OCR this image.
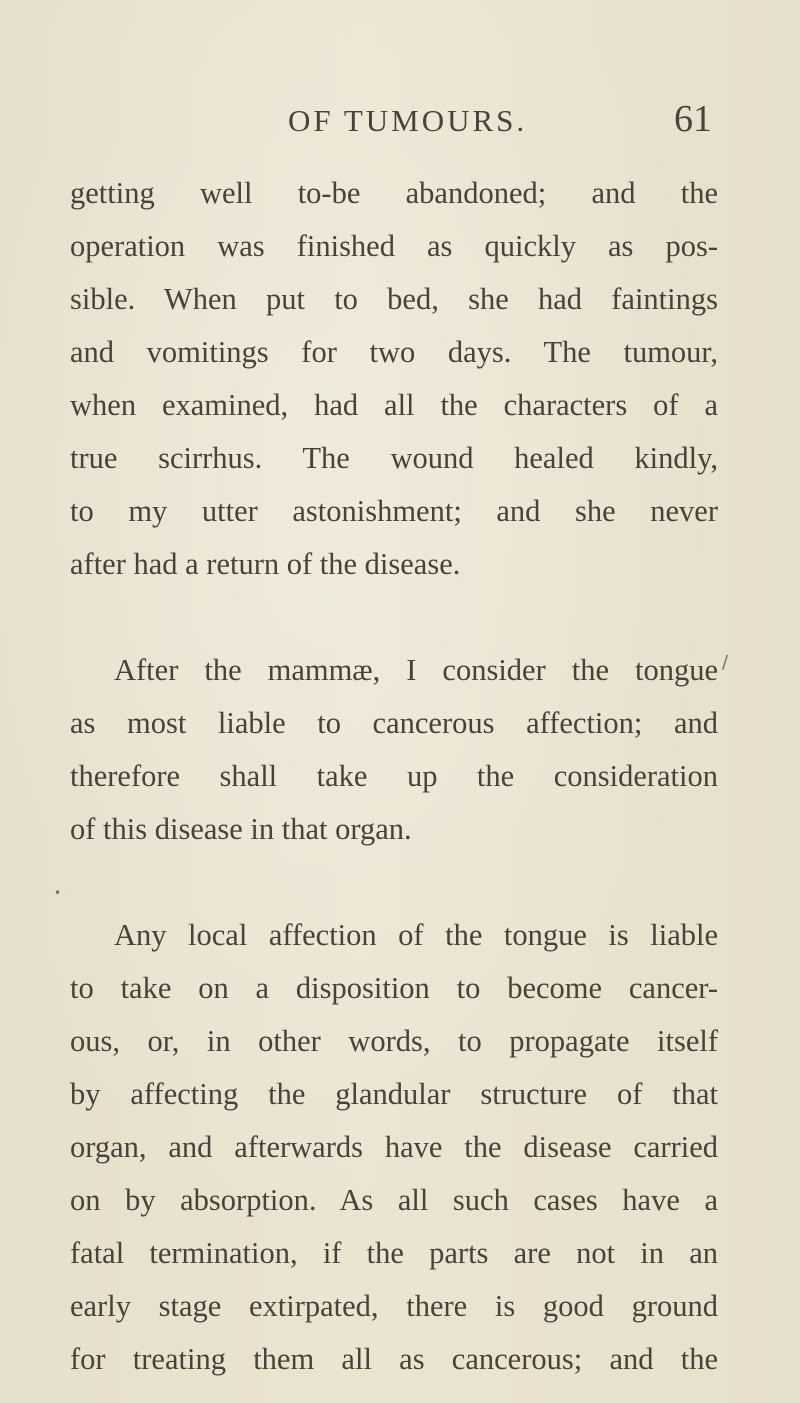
OF TUMOURS.	61
getting well to-be abandoned; and the
operation was finished as quickly as pos-
sible. When put to bed, she had faintings
and vomitings for two days. The tumour,
when examined, had all the characters of a
true scirrhus. The wound healed kindly,
to my utter astonishment; and she never
after had a return of the disease.
After the mammæ, I consider the tongue
as most liable to cancerous affection; and
therefore shall take up the consideration
of this disease in that organ.
Any local affection of the tongue is liable
to take on a disposition to become cancer-
ous, or, in other words, to propagate itself
by affecting the glandular structure of that
organ, and afterwards have the disease carried
on by absorption. As all such cases have a
fatal termination, if the parts are not in an
early stage extirpated, there is good ground
for treating them all as cancerous; and the
•
/
